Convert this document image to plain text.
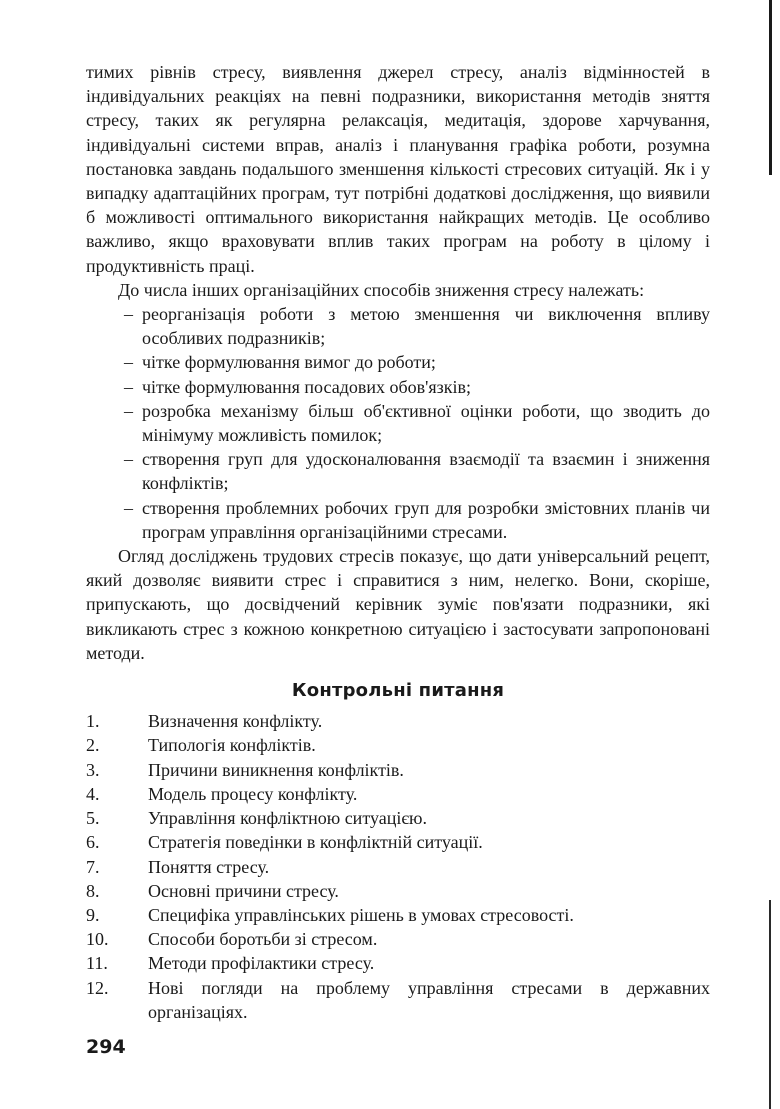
тимих рівнів стресу, виявлення джерел стресу, аналіз відмінностей в індивідуальних реакціях на певні подразники, використання методів зняття стресу, таких як регулярна релаксація, медитація, здорове харчування, індивідуальні системи вправ, аналіз і планування графіка роботи, розумна постановка завдань подальшого зменшення кількості стресових ситуацій. Як і у випадку адаптаційних програм, тут потрібні додаткові дослідження, що виявили б можливості оптимального використання найкращих методів. Це особливо важливо, якщо враховувати вплив таких програм на роботу в цілому і продуктивність праці.

До числа інших організаційних способів зниження стресу належать:

– реорганізація роботи з метою зменшення чи виключення впливу особливих подразників;
– чітке формулювання вимог до роботи;
– чітке формулювання посадових обов'язків;
– розробка механізму більш об'єктивної оцінки роботи, що зводить до мінімуму можливість помилок;
– створення груп для удосконалювання взаємодії та взаємин і зниження конфліктів;
– створення проблемних робочих груп для розробки змістовних планів чи програм управління організаційними стресами.

Огляд досліджень трудових стресів показує, що дати універсальний рецепт, який дозволяє виявити стрес і справитися з ним, нелегко. Вони, скоріше, припускають, що досвідчений керівник зуміє пов'язати подразники, які викликають стрес з кожною конкретною ситуацією і застосувати запропоновані методи.

Контрольні питання
1.	Визначення конфлікту.
2.	Типологія конфліктів.
3.	Причини виникнення конфліктів.
4.	Модель процесу конфлікту.
5.	Управління конфліктною ситуацією.
6.	Стратегія поведінки в конфліктній ситуації.
7.	Поняття стресу.
8.	Основні причини стресу.
9.	Специфіка управлінських рішень в умовах стресовості.
10.	Способи боротьби зі стресом.
11.	Методи профілактики стресу.
12.	Нові погляди на проблему управління стресами в державних організаціях.
294
